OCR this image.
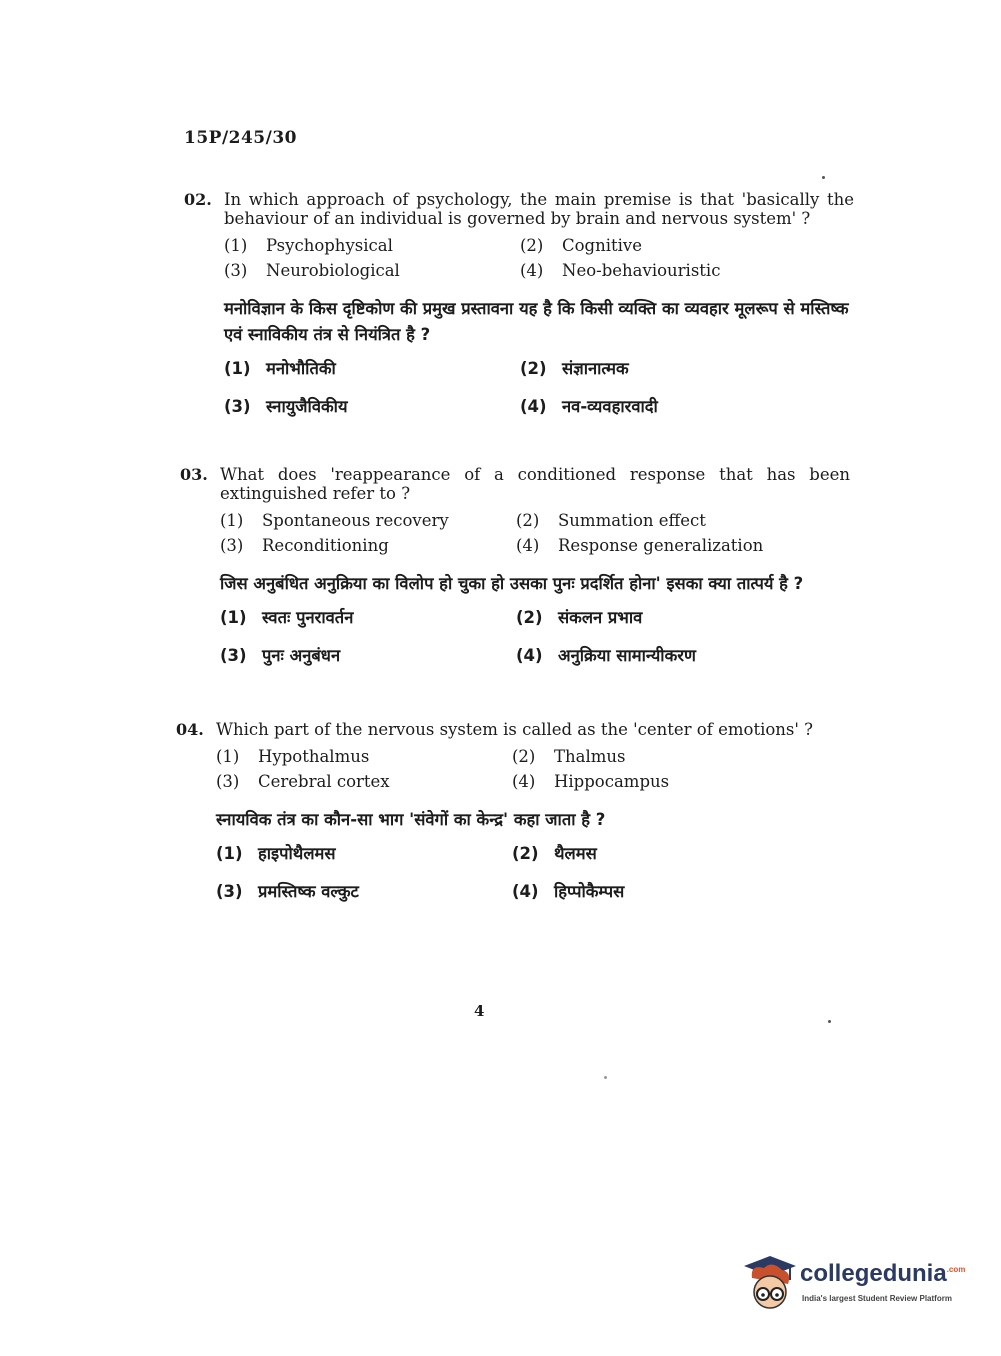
15P/245/30
02. In which approach of psychology, the main premise is that 'basically the behaviour of an individual is governed by brain and nervous system' ?
(1)	Psychophysical	(2)	Cognitive
(3)	Neurobiological	(4)	Neo-behaviouristic
मनोविज्ञान के किस दृष्टिकोण की प्रमुख प्रस्तावना यह है कि किसी व्यक्ति का व्यवहार मूलरूप से मस्तिष्क एवं स्नाविकीय तंत्र से नियंत्रित है ?
(1) मनोभौतिकी	(2) संज्ञानात्मक
(3) स्नायुजैविकीय	(4) नव-व्यवहारवादी
03. What does 'reappearance of a conditioned response that has been extinguished refer to ?
(1)	Spontaneous recovery	(2)	Summation effect
(3)	Reconditioning	(4)	Response generalization
जिस अनुबंधित अनुक्रिया का विलोप हो चुका हो उसका पुनः प्रदर्शित होना' इसका क्या तात्पर्य है ?
(1) स्वतः पुनरावर्तन	(2) संकलन प्रभाव
(3) पुनः अनुबंधन	(4) अनुक्रिया सामान्यीकरण
04. Which part of the nervous system is called as the 'center of emotions' ?
(1)	Hypothalmus	(2)	Thalmus
(3)	Cerebral cortex	(4)	Hippocampus
स्नायविक तंत्र का कौन-सा भाग 'संवेगों का केन्द्र' कहा जाता है ?
(1) हाइपोथैलमस	(2) थैलमस
(3) प्रमस्तिष्क वल्कुट	(4) हिप्पोकैम्पस
4
collegedunia$^{.com}$
India's largest Student Review Platform
